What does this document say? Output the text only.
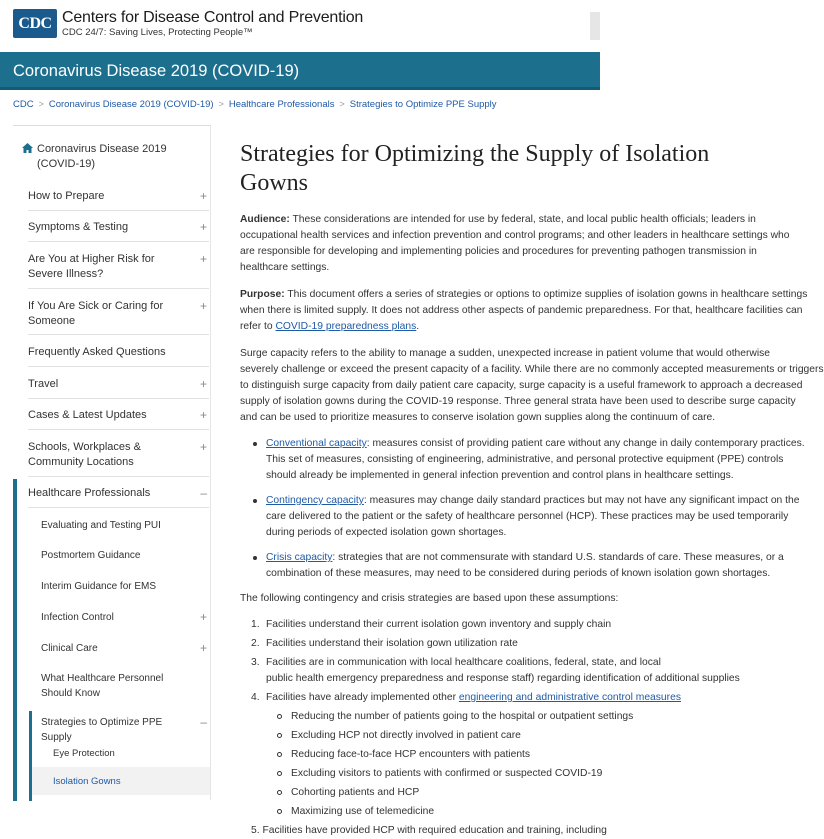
CDC Centers for Disease Control and Prevention
CDC 24/7: Saving Lives, Protecting People™
Coronavirus Disease 2019 (COVID-19)
CDC > Coronavirus Disease 2019 (COVID-19) > Healthcare Professionals > Strategies to Optimize PPE Supply
Coronavirus Disease 2019 (COVID-19)
How to Prepare	+
Symptoms & Testing	+
Are You at Higher Risk for Severe Illness?
+
If You Are Sick or Caring for Someone
+
Frequently Asked Questions
Travel	+
Cases & Latest Updates	+
Schools, Workplaces & Community Locations
+
Healthcare Professionals	–
Evaluating and Testing PUI
Postmortem Guidance
Interim Guidance for EMS
Infection Control	+
Clinical Care	+
What Healthcare Personnel Should Know
Strategies to Optimize PPE Supply
–
Eye Protection
Isolation Gowns
Strategies for Optimizing the Supply of Isolation
Gowns
Audience: These considerations are intended for use by federal, state, and local public health officials; leaders in
occupational health services and infection prevention and control programs; and other leaders in healthcare settings who
are responsible for developing and implementing policies and procedures for preventing pathogen transmission in
healthcare settings.
Purpose: This document offers a series of strategies or options to optimize supplies of isolation gowns in healthcare settings
when there is limited supply. It does not address other aspects of pandemic preparedness. For that, healthcare facilities can
refer to COVID-19 preparedness plans.
Surge capacity refers to the ability to manage a sudden, unexpected increase in patient volume that would otherwise
severely challenge or exceed the present capacity of a facility. While there are no commonly accepted measurements or triggers
to distinguish surge capacity from daily patient care capacity, surge capacity is a useful framework to approach a decreased
supply of isolation gowns during the COVID-19 response. Three general strata have been used to describe surge capacity
and can be used to prioritize measures to conserve isolation gown supplies along the continuum of care.
Conventional capacity: measures consist of providing patient care without any change in daily contemporary practices.
This set of measures, consisting of engineering, administrative, and personal protective equipment (PPE) controls
should already be implemented in general infection prevention and control plans in healthcare settings.
Contingency capacity: measures may change daily standard practices but may not have any significant impact on the
care delivered to the patient or the safety of healthcare personnel (HCP). These practices may be used temporarily
during periods of expected isolation gown shortages.
Crisis capacity: strategies that are not commensurate with standard U.S. standards of care. These measures, or a
combination of these measures, may need to be considered during periods of known isolation gown shortages.
The following contingency and crisis strategies are based upon these assumptions:
1. Facilities understand their current isolation gown inventory and supply chain
2. Facilities understand their isolation gown utilization rate
3. Facilities are in communication with local healthcare coalitions, federal, state, and local
public health emergency preparedness and response staff) regarding identification of additional supplies
4. Facilities have already implemented other engineering and administrative control measures
Reducing the number of patients going to the hospital or outpatient settings
Excluding HCP not directly involved in patient care
Reducing face-to-face HCP encounters with patients
Excluding visitors to patients with confirmed or suspected COVID-19
Cohorting patients and HCP
Maximizing use of telemedicine
5. Facilities have provided HCP with required education and training, including
